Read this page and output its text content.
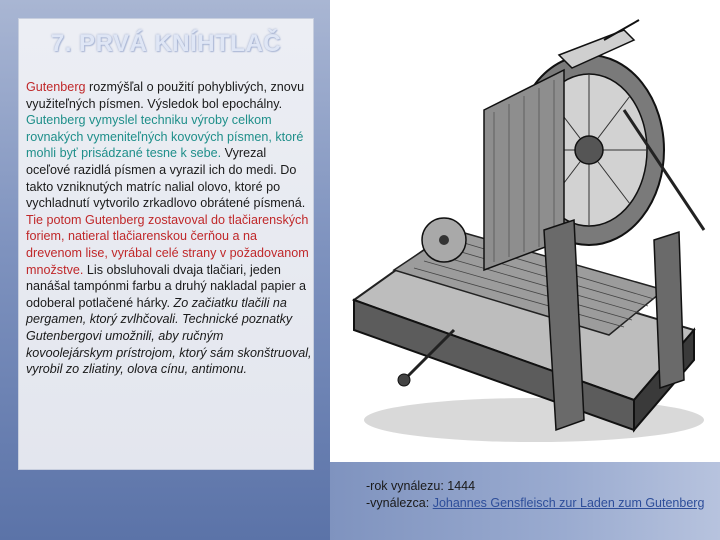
7. PRVÁ KNÍHTLAČ
Gutenberg rozmýšľal o použití pohyblivých, znovu využiteľných písmen. Výsledok bol epochálny. Gutenberg vymyslel techniku výroby celkom rovnakých vymeniteľných kovových písmen, ktoré mohli byť prisádzané tesne k sebe. Vyrezal oceľové razidlá písmen a vyrazil ich do medi. Do takto vzniknutých matríc nalial olovo, ktoré po vychladnutí vytvorilo zrkadlovo obrátené písmená. Tie potom Gutenberg zostavoval do tlačiarenských foriem, natieral tlačiarenskou čerňou a na drevenom lise, vyrábal celé strany v požadovanom množstve. Lis obsluhovali dvaja tlačiari, jeden nanášal tampónmi farbu a druhý nakladal papier a odoberal potlačené hárky. Zo začiatku tlačili na pergamen, ktorý zvlhčovali. Technické poznatky Gutenbergovi umožnili, aby ručným kovoolejárskym prístrojom, ktorý sám skonštruoval, vyrobil zo zliatiny, olova cínu, antimonu.
-rok vynálezu: 1444
-vynálezca: Johannes Gensfleisch zur Laden zum Gutenberg
